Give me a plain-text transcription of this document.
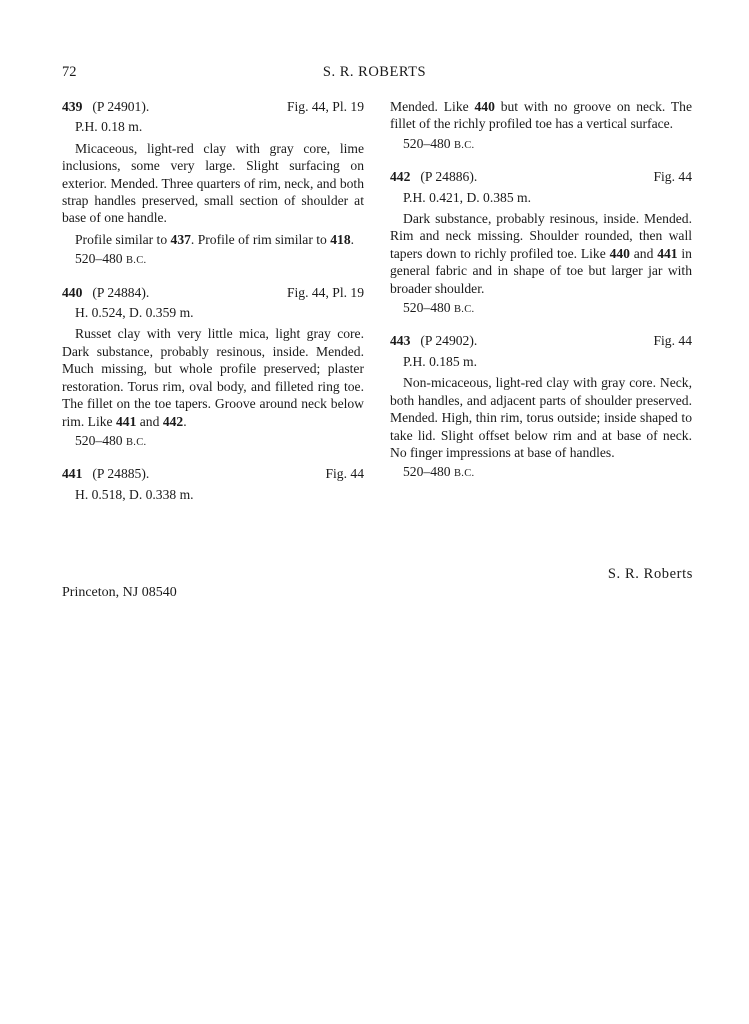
72	S. R. ROBERTS
439 (P 24901).	Fig. 44, Pl. 19
P.H. 0.18 m.

Micaceous, light-red clay with gray core, lime inclusions, some very large. Slight surfacing on exterior. Mended. Three quarters of rim, neck, and both strap handles preserved, small section of shoulder at base of one handle.

Profile similar to 437. Profile of rim similar to 418.

520–480 B.C.
440 (P 24884).	Fig. 44, Pl. 19
H. 0.524, D. 0.359 m.

Russet clay with very little mica, light gray core. Dark substance, probably resinous, inside. Mended. Much missing, but whole profile preserved; plaster restoration. Torus rim, oval body, and filleted ring toe. The fillet on the toe tapers. Groove around neck below rim. Like 441 and 442.

520–480 B.C.
441 (P 24885).	Fig. 44
H. 0.518, D. 0.338 m.

Mended. Like 440 but with no groove on neck. The fillet of the richly profiled toe has a vertical surface.

520–480 B.C.
442 (P 24886).	Fig. 44
P.H. 0.421, D. 0.385 m.

Dark substance, probably resinous, inside. Mended. Rim and neck missing. Shoulder rounded, then wall tapers down to richly profiled toe. Like 440 and 441 in general fabric and in shape of toe but larger jar with broader shoulder.

520–480 B.C.
443 (P 24902).	Fig. 44
P.H. 0.185 m.

Non-micaceous, light-red clay with gray core. Neck, both handles, and adjacent parts of shoulder preserved. Mended. High, thin rim, torus outside; inside shaped to take lid. Slight offset below rim and at base of neck. No finger impressions at base of handles.

520–480 B.C.
S. R. Roberts
Princeton, NJ 08540
